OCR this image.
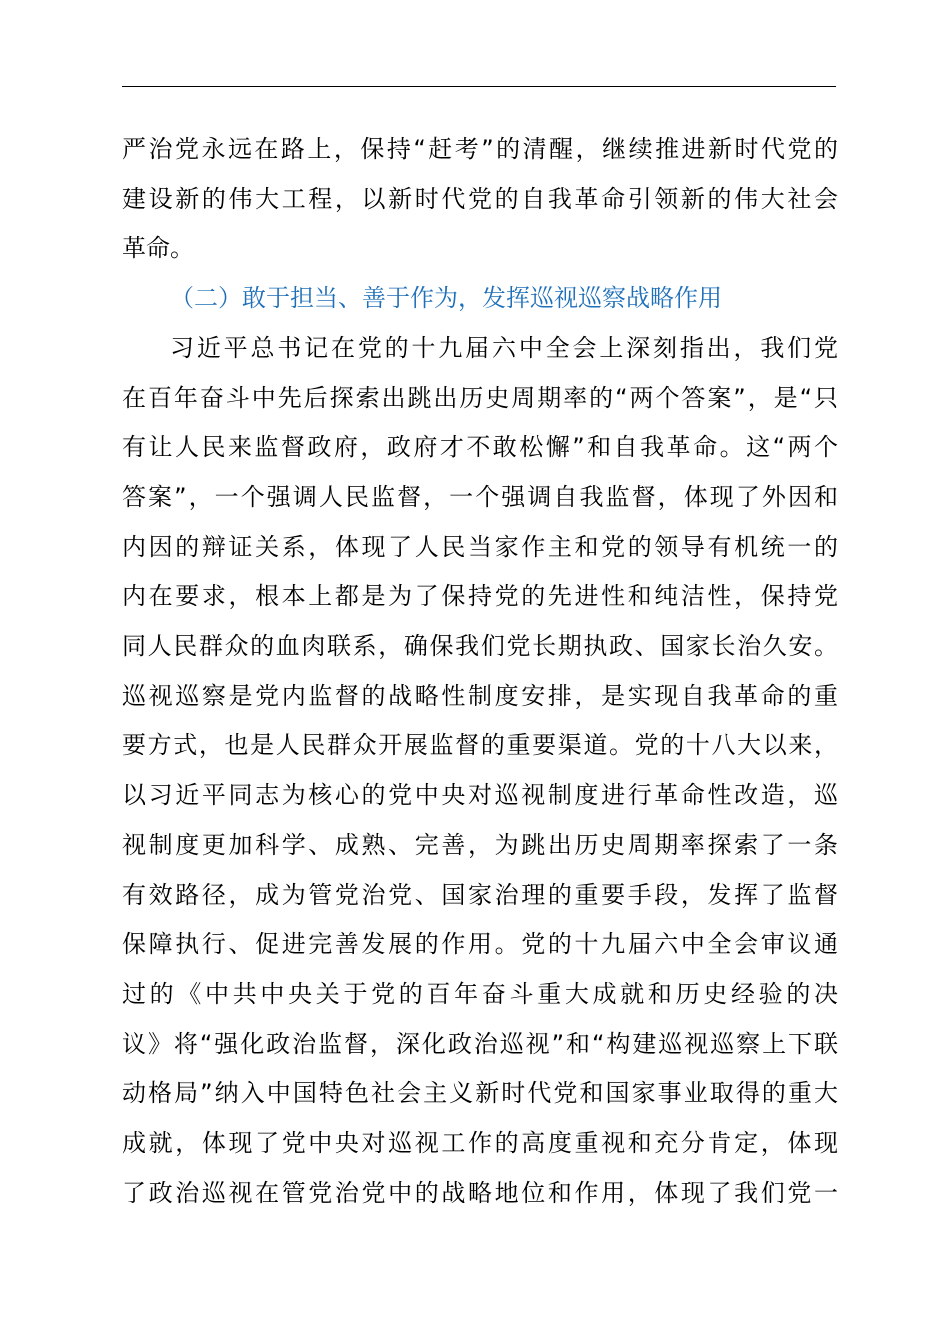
严治党永远在路上，保持“赶考”的清醒，继续推进新时代党的
建设新的伟大工程，以新时代党的自我革命引领新的伟大社会
革命。
（二）敢于担当、善于作为，发挥巡视巡察战略作用
习近平总书记在党的十九届六中全会上深刻指出，我们党
在百年奋斗中先后探索出跳出历史周期率的“两个答案”，是“只
有让人民来监督政府，政府才不敢松懈”和自我革命。这“两个
答案”，一个强调人民监督，一个强调自我监督，体现了外因和
内因的辩证关系，体现了人民当家作主和党的领导有机统一的
内在要求，根本上都是为了保持党的先进性和纯洁性，保持党
同人民群众的血肉联系，确保我们党长期执政、国家长治久安。
巡视巡察是党内监督的战略性制度安排，是实现自我革命的重
要方式，也是人民群众开展监督的重要渠道。党的十八大以来，
以习近平同志为核心的党中央对巡视制度进行革命性改造，巡
视制度更加科学、成熟、完善，为跳出历史周期率探索了一条
有效路径，成为管党治党、国家治理的重要手段，发挥了监督
保障执行、促进完善发展的作用。党的十九届六中全会审议通
过的《中共中央关于党的百年奋斗重大成就和历史经验的决
议》将“强化政治监督，深化政治巡视”和“构建巡视巡察上下联
动格局”纳入中国特色社会主义新时代党和国家事业取得的重大
成就，体现了党中央对巡视工作的高度重视和充分肯定，体现
了政治巡视在管党治党中的战略地位和作用，体现了我们党一
